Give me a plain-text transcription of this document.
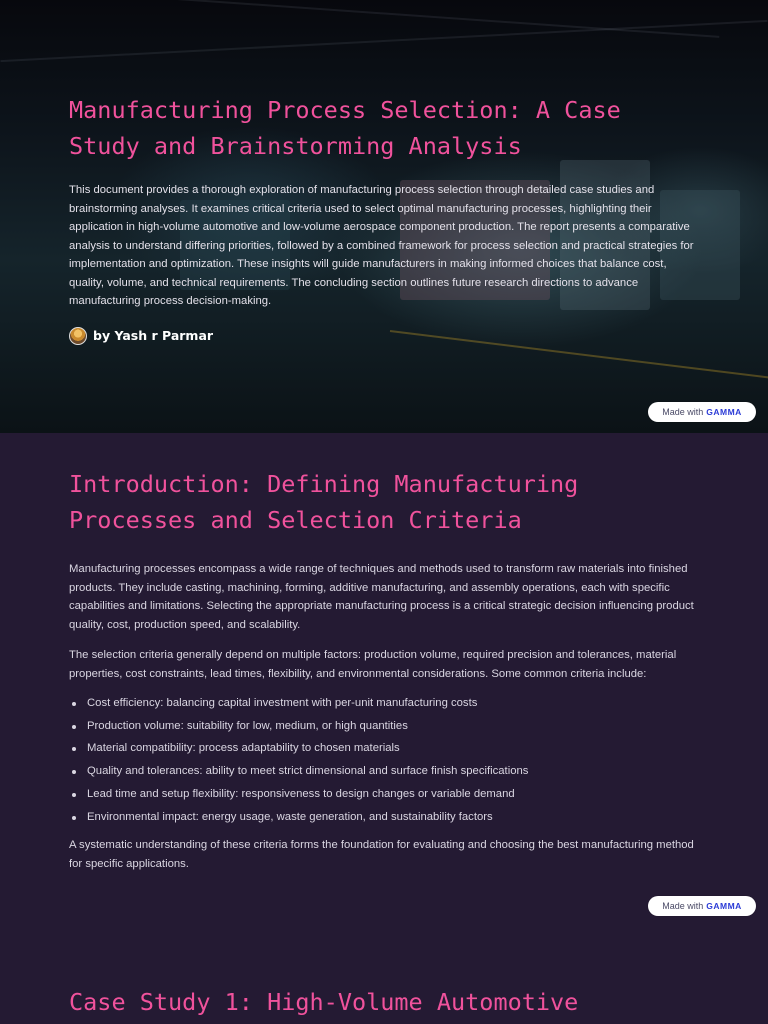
Manufacturing Process Selection: A Case Study and Brainstorming Analysis

This document provides a thorough exploration of manufacturing process selection through detailed case studies and brainstorming analyses. It examines critical criteria used to select optimal manufacturing processes, highlighting their application in high-volume automotive and low-volume aerospace component production. The report presents a comparative analysis to understand differing priorities, followed by a combined framework for process selection and practical strategies for implementation and optimization. These insights will guide manufacturers in making informed choices that balance cost, quality, volume, and technical requirements. The concluding section outlines future research directions to advance manufacturing process decision-making.

by Yash r Parmar
Made with GAMMA
Introduction: Defining Manufacturing Processes and Selection Criteria

Manufacturing processes encompass a wide range of techniques and methods used to transform raw materials into finished products. They include casting, machining, forming, additive manufacturing, and assembly operations, each with specific capabilities and limitations. Selecting the appropriate manufacturing process is a critical strategic decision influencing product quality, cost, production speed, and scalability.

The selection criteria generally depend on multiple factors: production volume, required precision and tolerances, material properties, cost constraints, lead times, flexibility, and environmental considerations. Some common criteria include:

Cost efficiency: balancing capital investment with per-unit manufacturing costs
Production volume: suitability for low, medium, or high quantities
Material compatibility: process adaptability to chosen materials
Quality and tolerances: ability to meet strict dimensional and surface finish specifications
Lead time and setup flexibility: responsiveness to design changes or variable demand
Environmental impact: energy usage, waste generation, and sustainability factors

A systematic understanding of these criteria forms the foundation for evaluating and choosing the best manufacturing method for specific applications.

Made with GAMMA
Case Study 1: High-Volume Automotive
